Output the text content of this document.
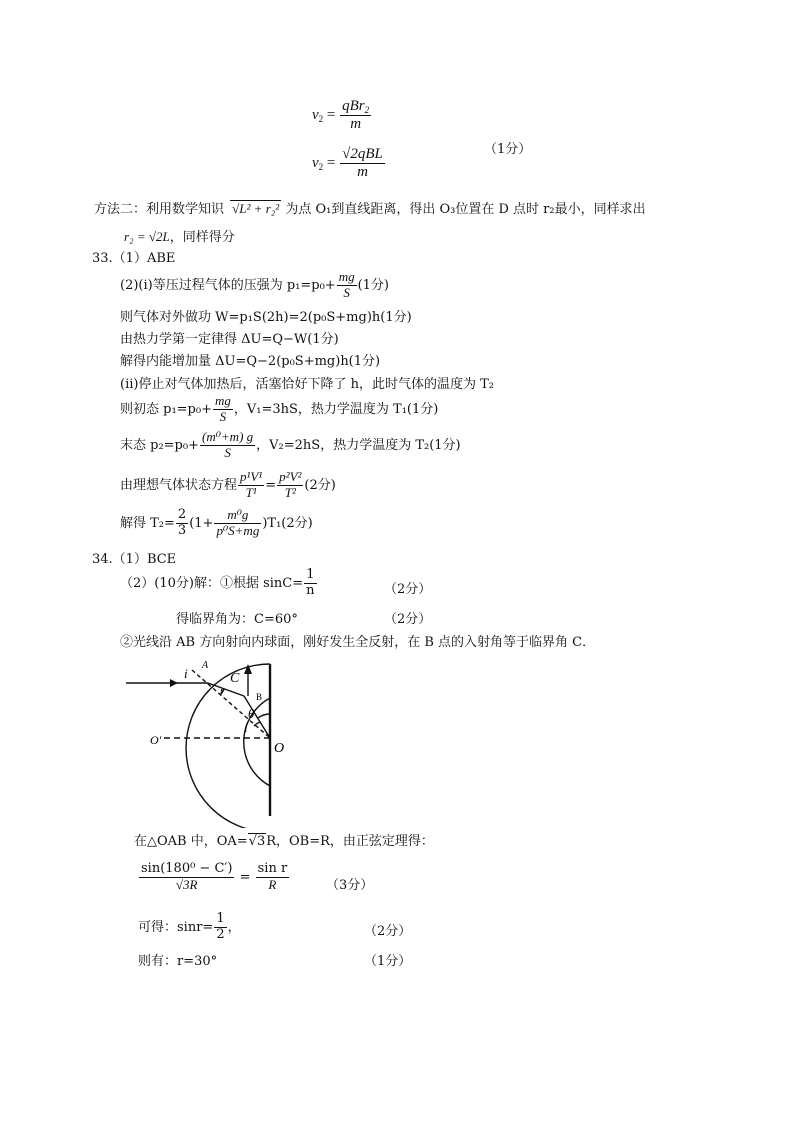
$v_2 = \frac{qBr_2}{m}$
$v_2 = \frac{\text{√2qBL}}{m}$	（1分）
方法二：利用数学知识 √L² + r₂² 为点 O₁到直线距离，得出 O₃位置在 D 点时 r₂最小，同样求出
r₂ = √2L，同样得分
33.（1）ABE
(2)(ⅰ)等压过程气体的压强为 $p_1=p_0+ \frac{mg}{S} (1$分)
则气体对外做功 W=p₁S(2h)=2(p₀S+mg)h(1分)
由热力学第一定律得 ΔU=Q−W(1分)
解得内能增加量 ΔU=Q−2(p₀S+mg)h(1分)
(ⅱ)停止对气体加热后，活塞恰好下降了 h，此时气体的温度为 T₂
则初态 $p_1=p_0+ \frac{mg}{S}$ ，V₁=3hS，热力学温度为 T₁(1分)
末态 $p_2=p_0+ \frac{\text{(m⁰+m) g}}{S}$ ，V₂=2hS，热力学温度为 T₂(1分)
由理想气体状态方程 $\frac{\text{p¹V¹}}{\text{T¹}} = \frac{\text{p²V²}}{\text{T²}} (2$分)
解得 $T_2= \frac{2}{3} (1+ \frac{\text{m⁰g}}{\text{p⁰S+mg}} )T_1(2$分)
34.（1）BCE
（2）(10分)解：①根据 $\sin C= \frac{1}{n}$	（2分）
得临界角为：C=60°	（2分）
②光线沿 AB 方向射向内球面，刚好发生全反射，在 B 点的入射角等于临界角 C．
i
A
C
r	B
θ
i
O'
O
在△OAB 中，OA=√3R，OB=R，由正弦定理得：
$\frac{\text{sin(180⁰ − C′)}}{√3R} = \frac{\text{sin r}}{R}$	（3分）
可得：$\sin r= \frac{1}{2}$ ，	（2分）
则有：r=30°	（1分）
